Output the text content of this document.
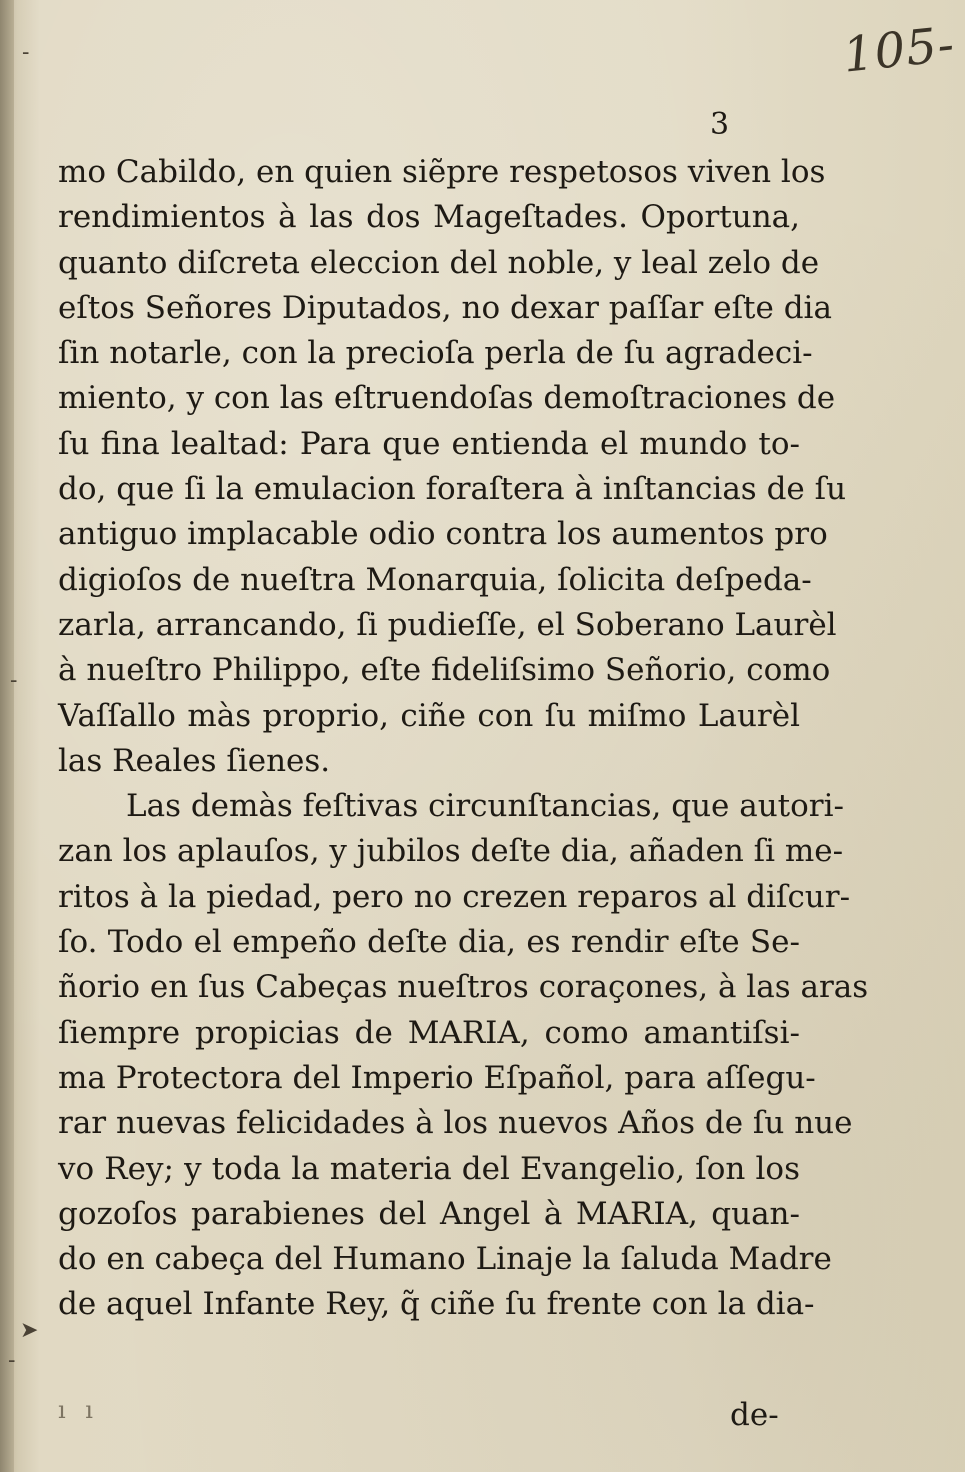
105-
3
mo Cabildo, en quien siẽpre respetosos viven los
rendimientos à las dos Mageſtades. Oportuna,
quanto diſcreta eleccion del noble, y leal zelo de
eſtos Señores Diputados, no dexar paſſar eſte dia
ſin notarle, con la precioſa perla de ſu agradeci-
miento, y con las eſtruendoſas demoſtraciones de
ſu fina lealtad: Para que entienda el mundo to-
do, que ſi la emulacion foraſtera à inſtancias de ſu
antiguo implacable odio contra los aumentos pro
digioſos de nueſtra Monarquia, ſolicita deſpeda-
zarla, arrancando, ſi pudieſſe, el Soberano Laurèl
à nueſtro Philippo, eſte fideliſsimo Señorio, como
Vaſſallo màs proprio, ciñe con ſu miſmo Laurèl
las Reales ſienes.
Las demàs feſtivas circunſtancias, que autori-
zan los aplauſos, y jubilos deſte dia, añaden ſi me-
ritos à la piedad, pero no crezen reparos al diſcur-
ſo. Todo el empeño deſte dia, es rendir eſte Se-
ñorio en ſus Cabeças nueſtros coraçones, à las aras
ſiempre propicias de MARIA, como amantiſsi-
ma Protectora del Imperio Eſpañol, para aſſegu-
rar nuevas felicidades à los nuevos Años de ſu nue
vo Rey; y toda la materia del Evangelio, ſon los
gozoſos parabienes del Angel à MARIA, quan-
do en cabeça del Humano Linaje la ſaluda Madre
de aquel Infante Rey, q̃ ciñe ſu frente con la dia-
ı ı	de-
‐
‐
➤
‐
